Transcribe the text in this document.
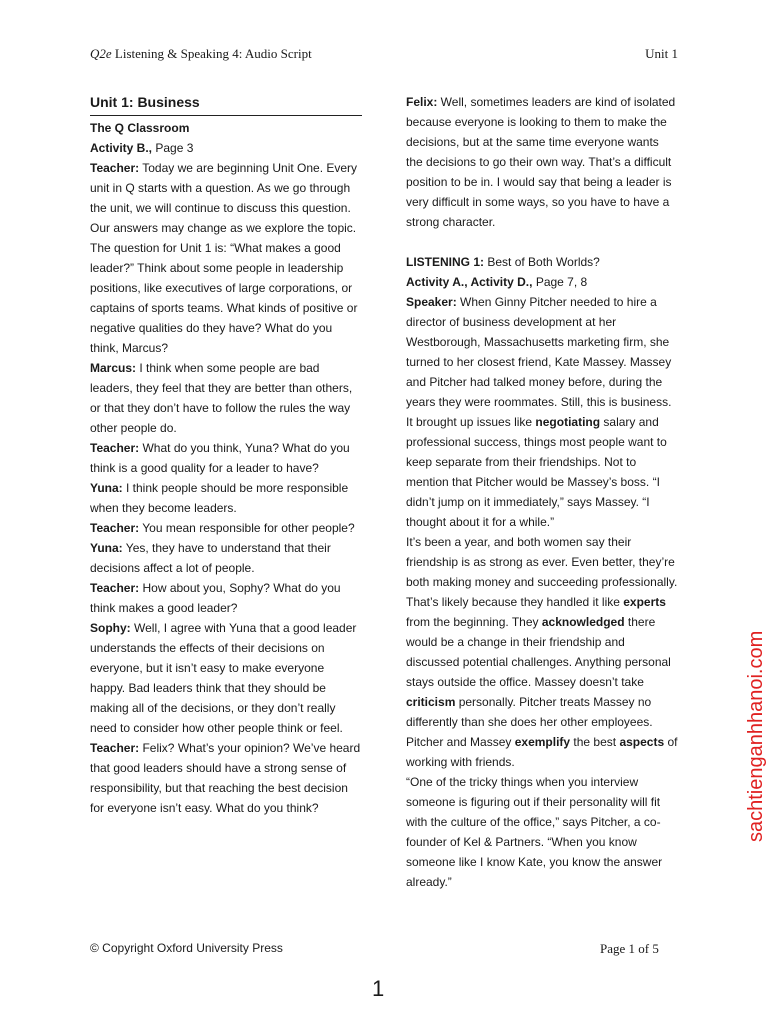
Q2e Listening & Speaking 4: Audio Script	Unit 1
Unit 1: Business

The Q Classroom

Activity B., Page 3

Teacher: Today we are beginning Unit One. Every unit in Q starts with a question. As we go through the unit, we will continue to discuss this question. Our answers may change as we explore the topic. The question for Unit 1 is: “What makes a good leader?” Think about some people in leadership positions, like executives of large corporations, or captains of sports teams. What kinds of positive or negative qualities do they have? What do you think, Marcus?

Marcus: I think when some people are bad leaders, they feel that they are better than others, or that they don’t have to follow the rules the way other people do.

Teacher: What do you think, Yuna? What do you think is a good quality for a leader to have?

Yuna: I think people should be more responsible when they become leaders.

Teacher: You mean responsible for other people?

Yuna: Yes, they have to understand that their decisions affect a lot of people.

Teacher: How about you, Sophy? What do you think makes a good leader?

Sophy: Well, I agree with Yuna that a good leader understands the effects of their decisions on everyone, but it isn’t easy to make everyone happy. Bad leaders think that they should be making all of the decisions, or they don’t really need to consider how other people think or feel.

Teacher: Felix? What’s your opinion? We’ve heard that good leaders should have a strong sense of responsibility, but that reaching the best decision for everyone isn’t easy. What do you think?

Felix: Well, sometimes leaders are kind of isolated because everyone is looking to them to make the decisions, but at the same time everyone wants the decisions to go their own way. That’s a difficult position to be in. I would say that being a leader is very difficult in some ways, so you have to have a strong character.

LISTENING 1: Best of Both Worlds?

Activity A., Activity D., Page 7, 8

Speaker: When Ginny Pitcher needed to hire a director of business development at her Westborough, Massachusetts marketing firm, she turned to her closest friend, Kate Massey. Massey and Pitcher had talked money before, during the years they were roommates. Still, this is business. It brought up issues like negotiating salary and professional success, things most people want to keep separate from their friendships. Not to mention that Pitcher would be Massey’s boss. “I didn’t jump on it immediately,” says Massey. “I thought about it for a while.”

It’s been a year, and both women say their friendship is as strong as ever. Even better, they’re both making money and succeeding professionally. That’s likely because they handled it like experts from the beginning. They acknowledged there would be a change in their friendship and discussed potential challenges. Anything personal stays outside the office. Massey doesn’t take criticism personally. Pitcher treats Massey no differently than she does her other employees. Pitcher and Massey exemplify the best aspects of working with friends.

“One of the tricky things when you interview someone is figuring out if their personality will fit with the culture of the office,” says Pitcher, a co-founder of Kel & Partners. “When you know someone like I know Kate, you know the answer already.”

© Copyright Oxford University Press	Page 1 of 5
1
sachtienganhhanoi.com
